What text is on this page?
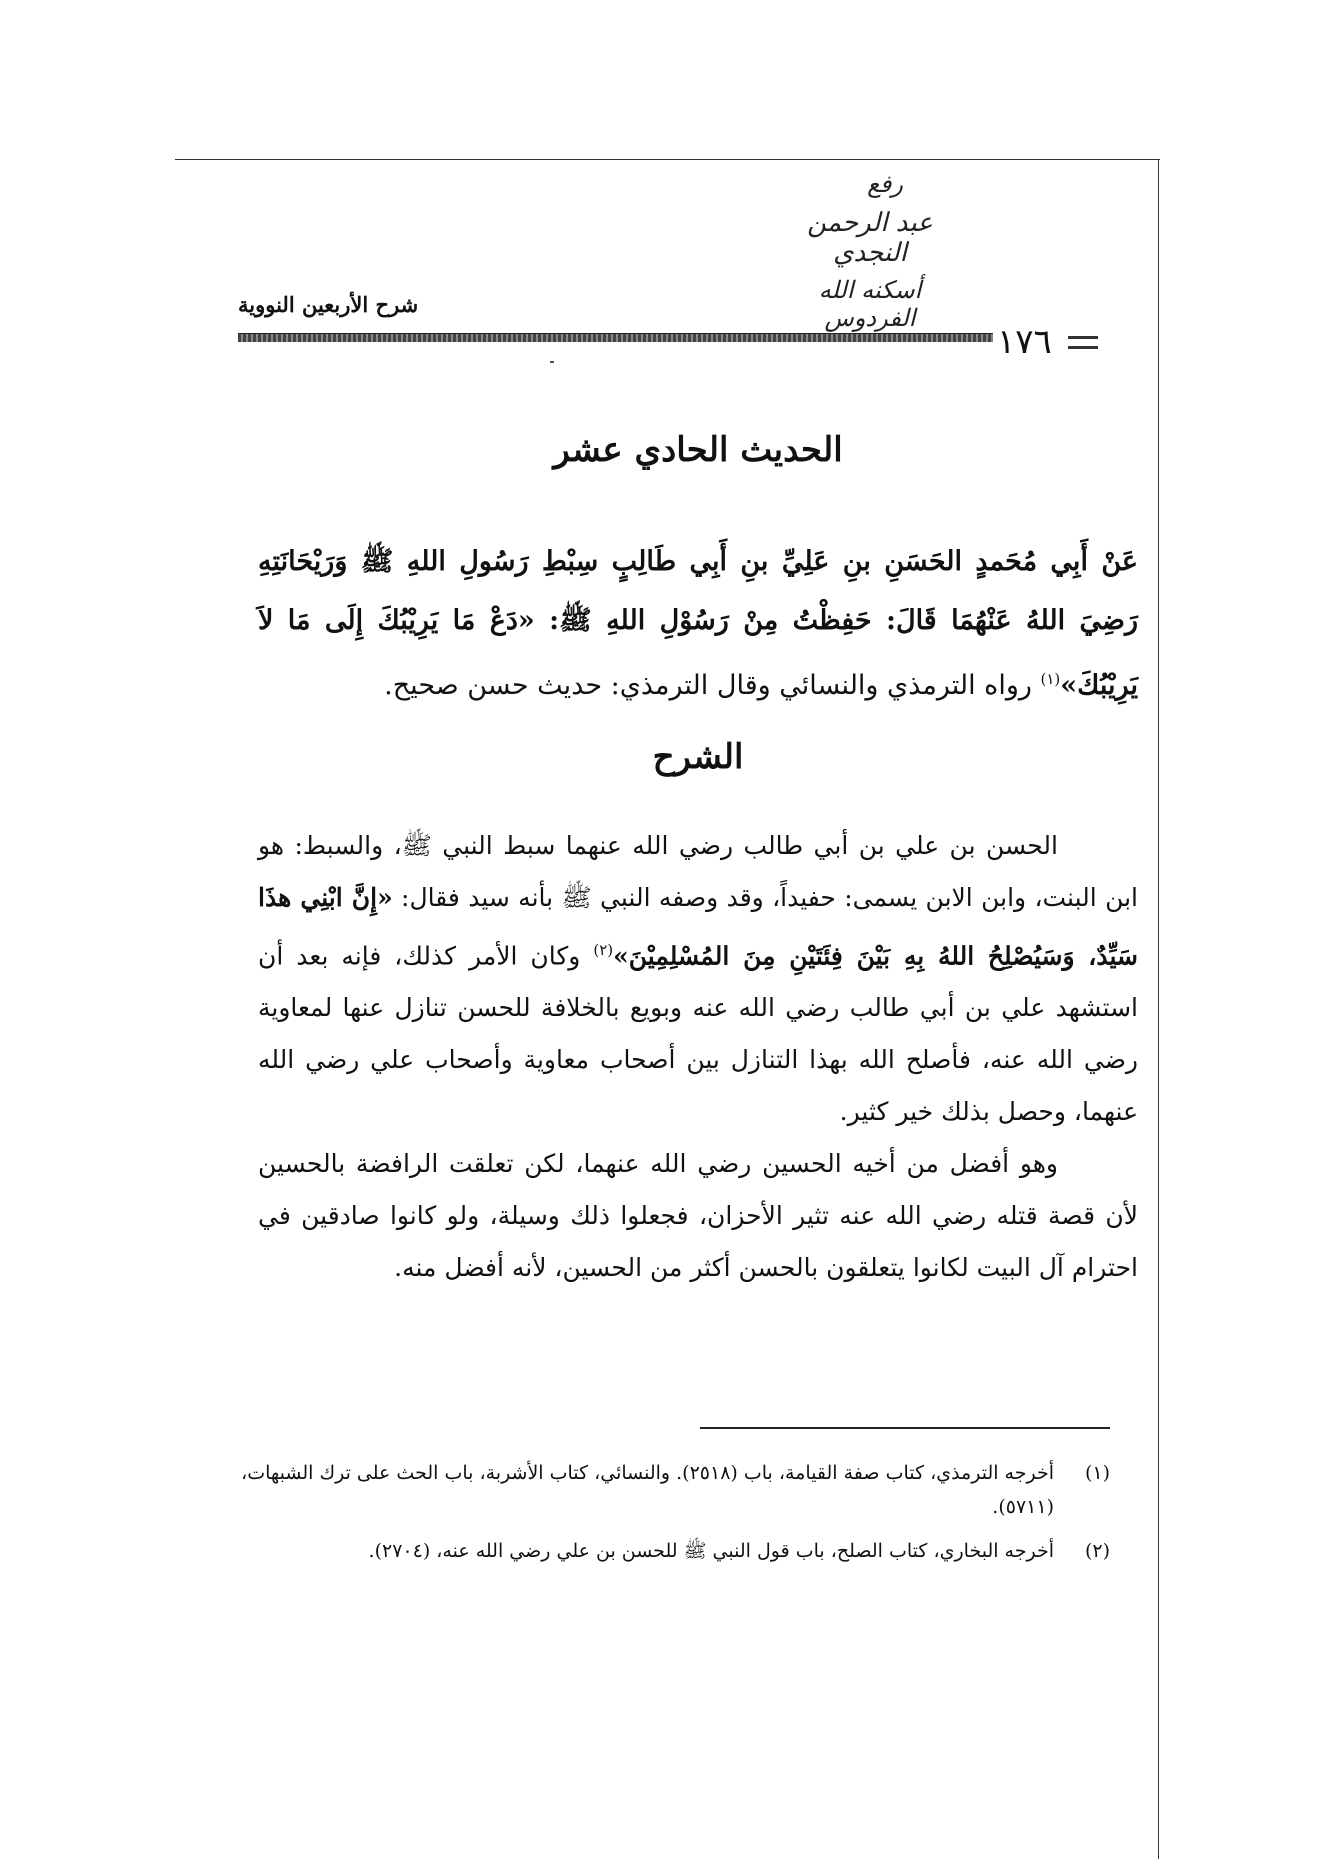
رفع
عبد الرحمن النجدي
أسكنه الله الفردوس
شرح الأربعين النووية
١٧٦
الحديث الحادي عشر
عَنْ أَبِي مُحَمدٍ الحَسَنِ بنِ عَلِيِّ بنِ أَبِي طَالِبٍ سِبْطِ رَسُولِ اللهِ ﷺ وَرَيْحَانَتِهِ رَضِيَ اللهُ عَنْهُمَا قَالَ: حَفِظْتُ مِنْ رَسُوْلِ اللهِ ﷺ: «دَعْ مَا يَرِيْبُكَ إِلَى مَا لاَ يَرِيْبُكَ»$^{(١)}$ رواه الترمذي والنسائي وقال الترمذي: حديث حسن صحيح.
الشرح

الحسن بن علي بن أبي طالب رضي الله عنهما سبط النبي ﷺ، والسبط: هو ابن البنت، وابن الابن يسمى: حفيداً، وقد وصفه النبي ﷺ بأنه سيد فقال: «إِنَّ ابْنِي هذَا سَيِّدٌ، وَسَيُصْلِحُ اللهُ بِهِ بَيْنَ فِئَتَيْنِ مِنَ المُسْلِمِيْنَ»$^{(٢)}$ وكان الأمر كذلك، فإنه بعد أن استشهد علي بن أبي طالب رضي الله عنه وبويع بالخلافة للحسن تنازل عنها لمعاوية رضي الله عنه، فأصلح الله بهذا التنازل بين أصحاب معاوية وأصحاب علي رضي الله عنهما، وحصل بذلك خير كثير.

وهو أفضل من أخيه الحسين رضي الله عنهما، لكن تعلقت الرافضة بالحسين لأن قصة قتله رضي الله عنه تثير الأحزان، فجعلوا ذلك وسيلة، ولو كانوا صادقين في احترام آل البيت لكانوا يتعلقون بالحسن أكثر من الحسين، لأنه أفضل منه.

(١)
أخرجه الترمذي، كتاب صفة القيامة، باب (٢٥١٨). والنسائي، كتاب الأشربة، باب الحث على ترك الشبهات، (٥٧١١).
(٢)
أخرجه البخاري، كتاب الصلح، باب قول النبي ﷺ للحسن بن علي رضي الله عنه، (٢٧٠٤).
